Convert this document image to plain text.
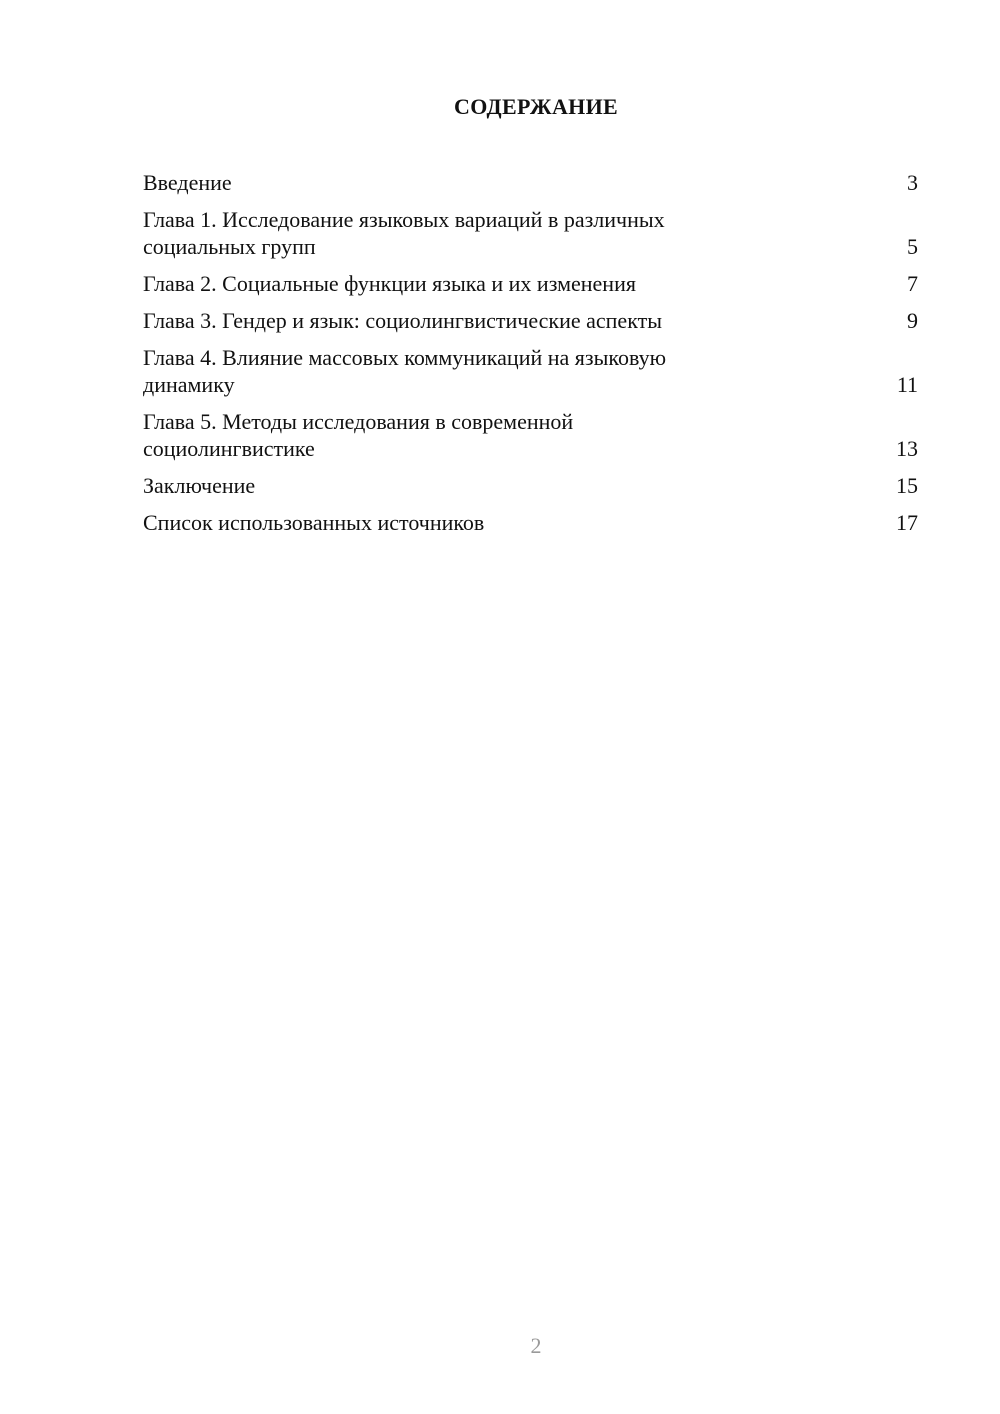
СОДЕРЖАНИЕ
Введение	3
Глава 1. Исследование языковых вариаций в различных социальных групп	5
Глава 2. Социальные функции языка и их изменения	7
Глава 3. Гендер и язык: социолингвистические аспекты	9
Глава 4. Влияние массовых коммуникаций на языковую динамику	11
Глава 5. Методы исследования в современной социолингвистике	13
Заключение	15
Список использованных источников	17
2
